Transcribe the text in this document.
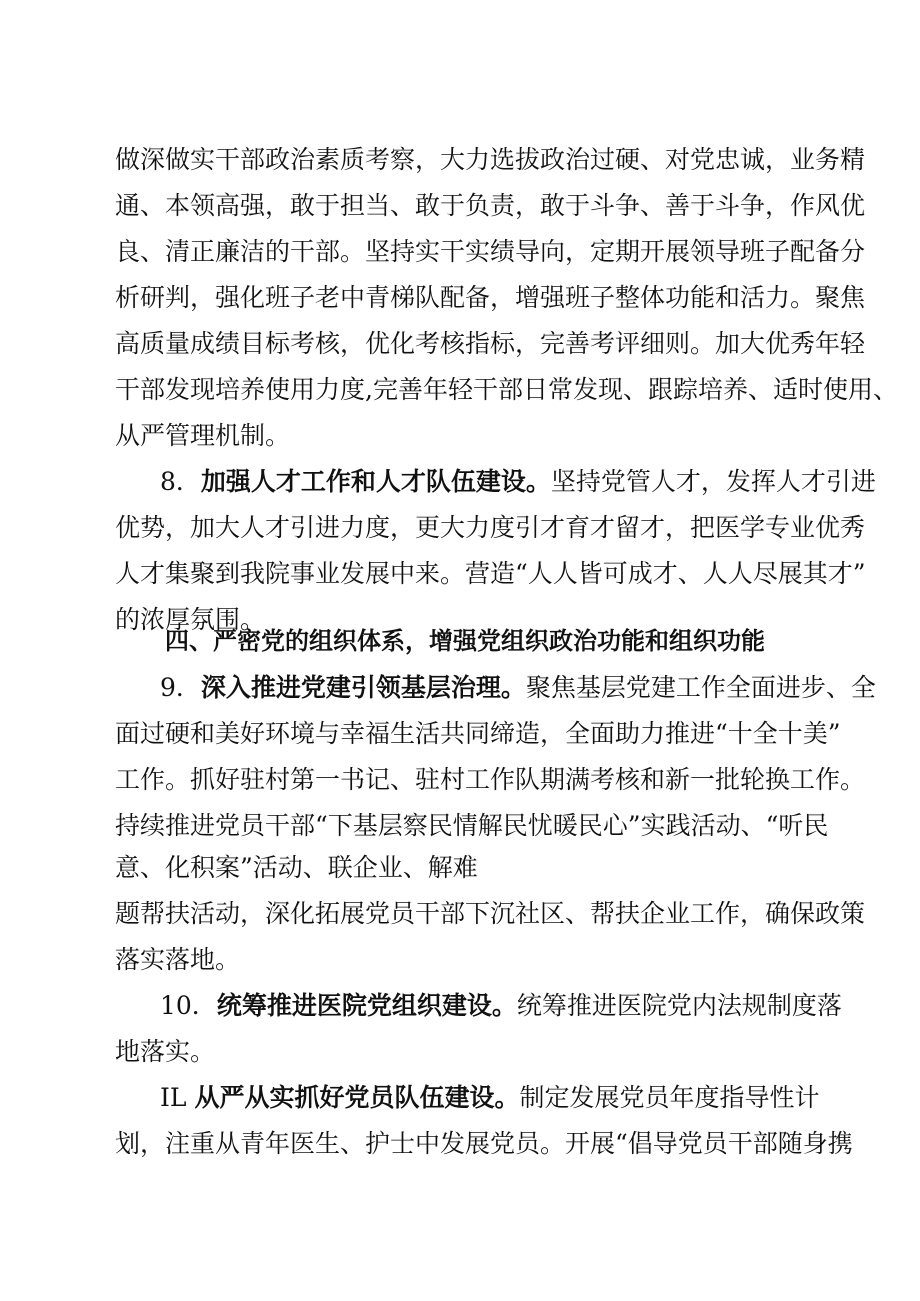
做深做实干部政治素质考察，大力选拔政治过硬、对党忠诚，业务精
通、本领高强，敢于担当、敢于负责，敢于斗争、善于斗争，作风优
良、清正廉洁的干部。坚持实干实绩导向，定期开展领导班子配备分
析研判，强化班子老中青梯队配备，增强班子整体功能和活力。聚焦
高质量成绩目标考核，优化考核指标，完善考评细则。加大优秀年轻
干部发现培养使用力度,完善年轻干部日常发现、跟踪培养、适时使用、
从严管理机制。
8．加强人才工作和人才队伍建设。坚持党管人才，发挥人才引进
优势，加大人才引进力度，更大力度引才育才留才，把医学专业优秀
人才集聚到我院事业发展中来。营造“人人皆可成才、人人尽展其才”
的浓厚氛围。
四、严密党的组织体系，增强党组织政治功能和组织功能
9．深入推进党建引领基层治理。聚焦基层党建工作全面进步、全
面过硬和美好环境与幸福生活共同缔造，全面助力推进“十全十美”
工作。抓好驻村第一书记、驻村工作队期满考核和新一批轮换工作。
持续推进党员干部“下基层察民情解民忧暖民心”实践活动、“听民
意、化积案”活动、联企业、解难
题帮扶活动，深化拓展党员干部下沉社区、帮扶企业工作，确保政策
落实落地。
10．统筹推进医院党组织建设。统筹推进医院党内法规制度落
地落实。
IL 从严从实抓好党员队伍建设。制定发展党员年度指导性计
划，注重从青年医生、护士中发展党员。开展“倡导党员干部随身携
